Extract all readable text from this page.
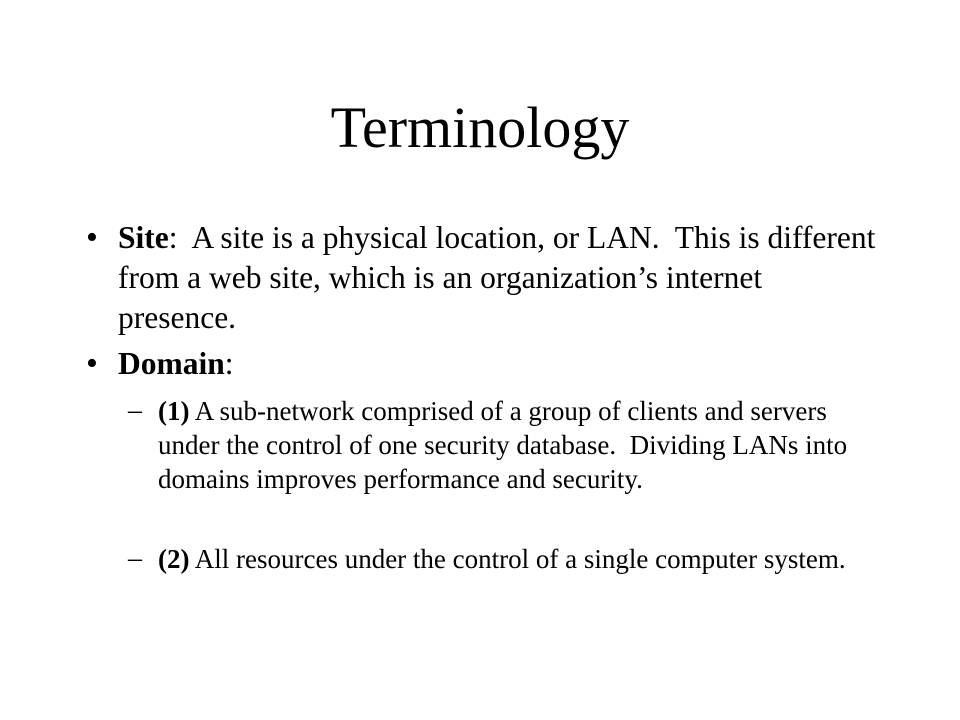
Terminology
• Site:  A site is a physical location, or LAN.  This is different from a web site, which is an organization’s internet presence.

• Domain:

– (1) A sub-network comprised of a group of clients and servers under the control of one security database.  Dividing LANs into domains improves performance and security.

– (2) All resources under the control of a single computer system.
